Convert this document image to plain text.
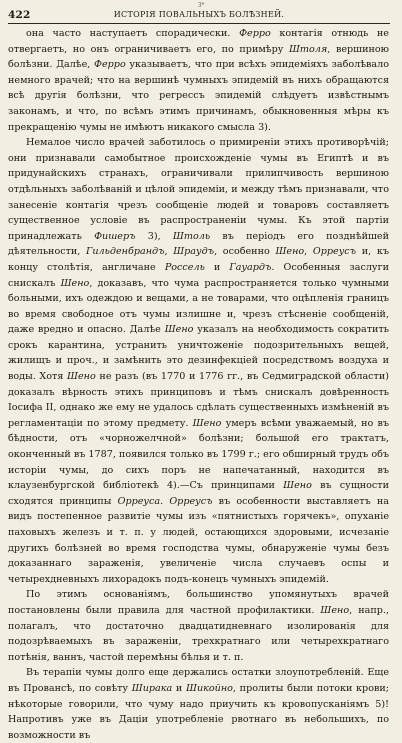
3*
422	ИСТОРІЯ ПОВАЛЬНЫХЪ БОЛѢЗНЕЙ.

она часто наступаетъ спорадически. Ферро контагія отнюдь не отвергаетъ, но онъ ограничиваетъ его, по примѣру Штоля, вершиною болѣзни. Далѣе, Ферро указываетъ, что при всѣхъ эпидеміяхъ заболѣвало немного врачей; что на вершинѣ чумныхъ эпидемій въ нихъ обращаются всѣ другія болѣзни, что регрессъ эпидемій слѣдуетъ извѣстнымъ законамъ, и что, по всѣмъ этимъ причинамъ, обыкновенныя мѣры къ прекращенію чумы не имѣютъ никакого смысла 3).

Немалое число врачей заботилось о примиреніи этихъ противорѣчій; они признавали самобытное происхожденіе чумы въ Египтѣ и въ придунайскихъ странахъ, ограничивали прилипчивость вершиною отдѣльныхъ заболѣваній и цѣлой эпидеміи, и между тѣмъ признавали, что занесеніе контагія чрезъ сообщеніе людей и товаровъ составляетъ существенное условіе въ распространеніи чумы. Къ этой партіи принадлежать Фишеръ 3), Штоль въ періодъ его позднѣйшей дѣятельности, Гильденбрандъ, Шраудъ, особенно Шено, Орреусъ и, къ концу столѣтія, англичане Россель и Гауардъ. Особенныя заслуги снискалъ Шено, доказавъ, что чума распространяется только чумными больными, ихъ одеждою и вещами, а не товарами, что оцѣпленія границъ во время свободное отъ чумы излишне и, чрезъ стѣсненіе сообщеній, даже вредно и опасно. Далѣе Шено указалъ на необходимость сократить срокъ карантина, устранить уничтоженіе подозрительныхъ вещей, жилищъ и проч., и замѣнить это дезинфекціей посредствомъ воздуха и воды. Хотя Шено не разъ (въ 1770 и 1776 гг., въ Седмиградской области) доказалъ вѣрность этихъ принциповъ и тѣмъ снискалъ довѣренность Іосифа II, однако же ему не удалось сдѣлать существенныхъ измѣненій въ регламентаціи по этому предмету. Шено умеръ всѣми уважаемый, но въ бѣдности, отъ «чорножелчной» болѣзни; большой его трактатъ, оконченный въ 1787, появился только въ 1799 г.; его обширный трудъ объ исторіи чумы, до сихъ поръ не напечатанный, находится въ клаузенбургской библіотекѣ 4).—Съ принципами Шено въ сущности сходятся принципы Орреуса. Орреусъ въ особенности выставляетъ на видъ постепенное развитіе чумы изъ «пятнистыхъ горячекъ», опуханіе паховыхъ железъ и т. п. у людей, остающихся здоровыми, исчезаніе другихъ болѣзней во время господства чумы, обнаруженіе чумы безъ доказаннаго зараженія, увеличеніе числа случаевъ оспы и четырехдневныхъ лихорадокъ подъ-конецъ чумныхъ эпидемій.

По этимъ основаніямъ, большинство упомянутыхъ врачей постановлены были правила для частной профилактики. Шено, напр., полагалъ, что достаточно двадцатидневнаго изолированія для подозрѣваемыхъ въ зараженіи, трехкратнаго или четырехкратнаго потѣнія, ваннъ, частой перемѣны бѣлья и т. п.

Въ терапіи чумы долго еще держались остатки злоупотребленій. Еще въ Провансѣ, по совѣту Ширака и Шикойно, пролиты были потоки крови; нѣкоторые говорили, что чуму надо приучить къ кровопусканіямъ 5)! Напротивъ уже въ Даціи употребленіе рвотнаго въ небольшихъ, по возможности въ
